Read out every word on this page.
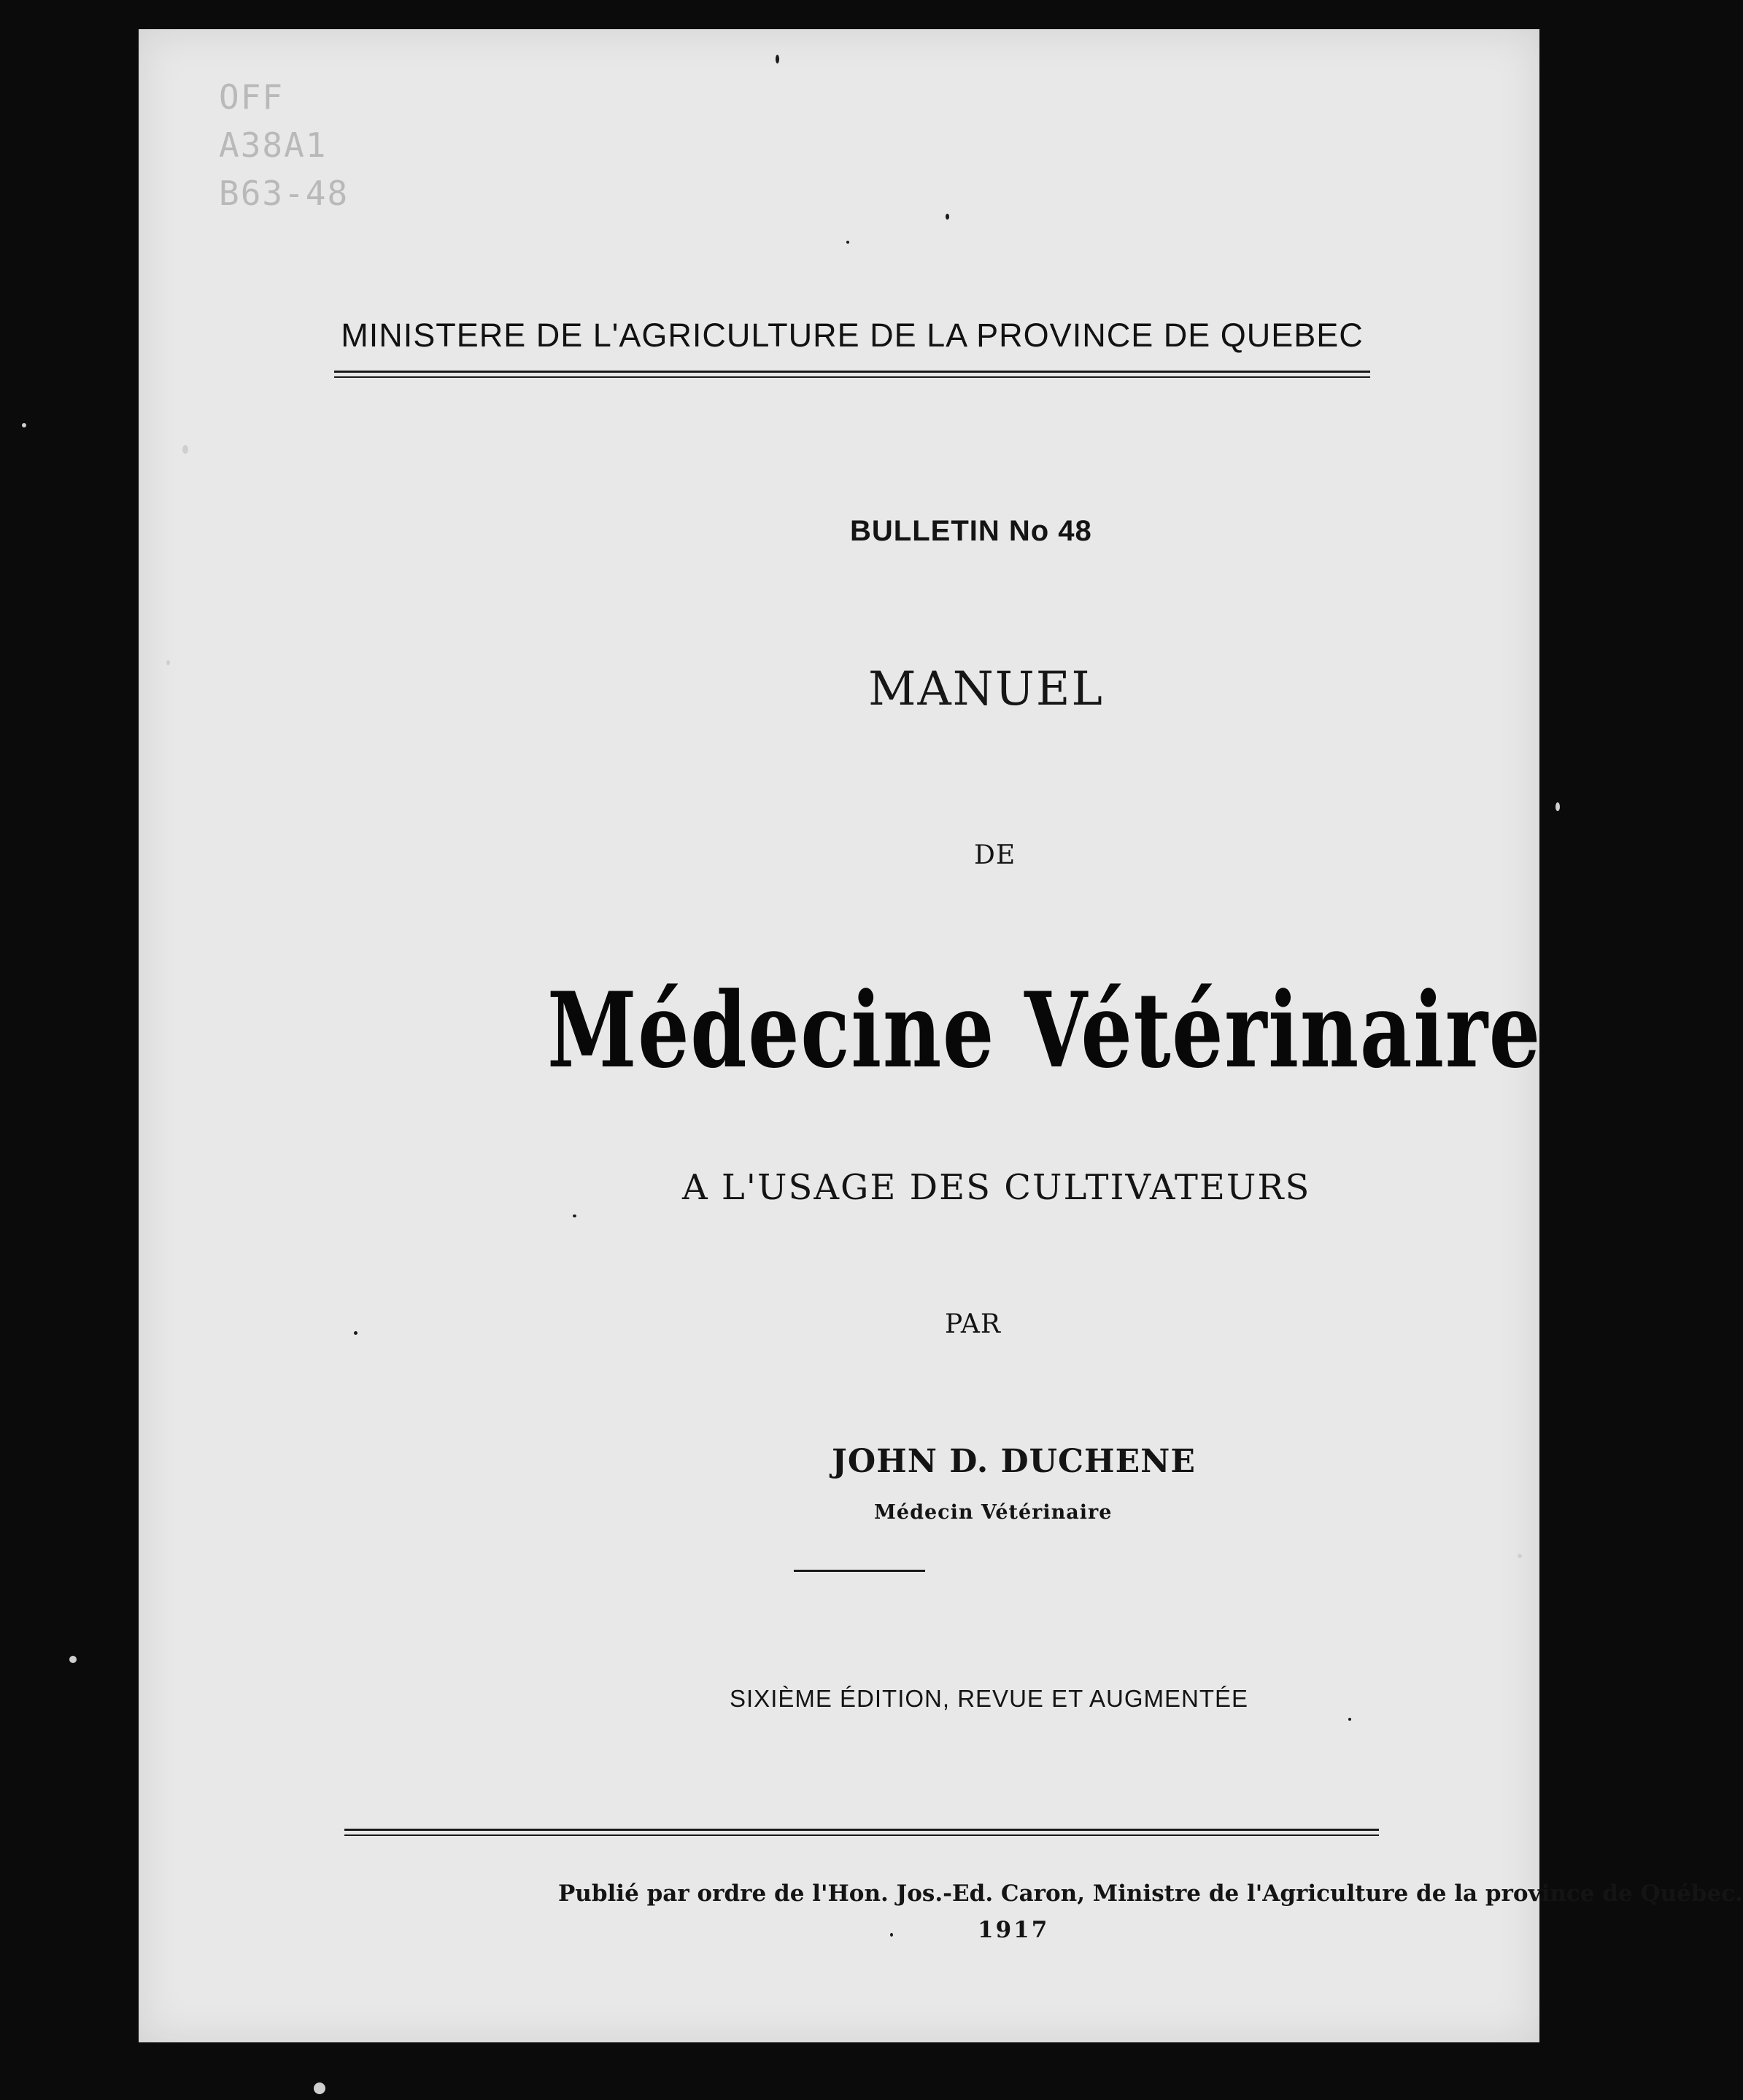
OFF
A38A1
B63-48
MINISTERE DE L'AGRICULTURE DE LA PROVINCE DE QUEBEC
BULLETIN No 48
MANUEL
DE
Médecine Vétérinaire
A L'USAGE DES CULTIVATEURS
PAR
JOHN D. DUCHENE
Médecin Vétérinaire
SIXIÈME ÉDITION, REVUE ET AUGMENTÉE
Publié par ordre de l'Hon. Jos.-Ed. Caron, Ministre de l'Agriculture de la province de Québec.
1917
